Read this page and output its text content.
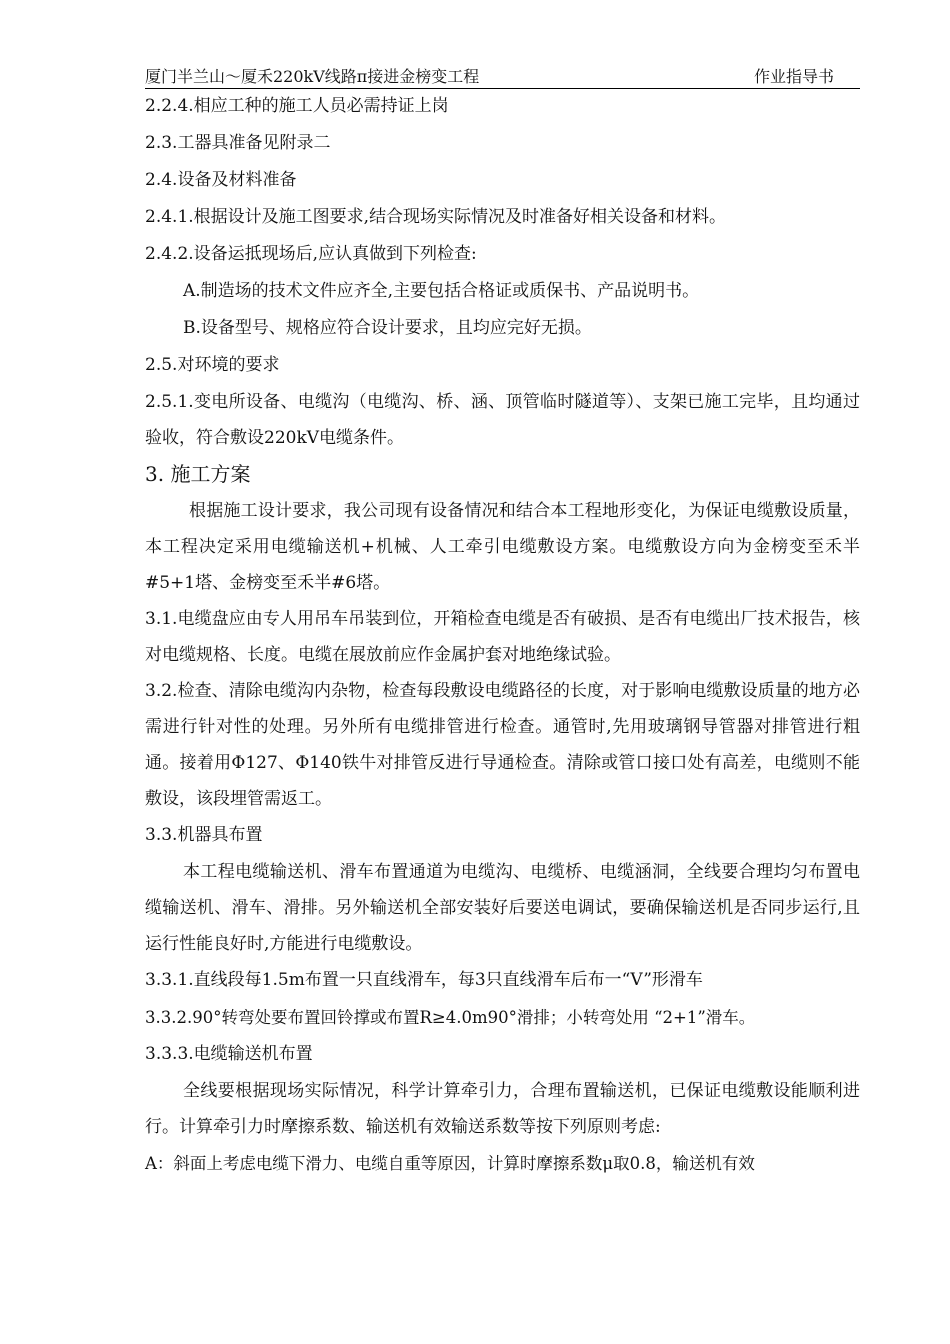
厦门半兰山～厦禾220kV线路π接进金榜变工程	作业指导书

2.2.4.相应工种的施工人员必需持证上岗

2.3.工器具准备见附录二

2.4.设备及材料准备

2.4.1.根据设计及施工图要求,结合现场实际情况及时准备好相关设备和材料。

2.4.2.设备运抵现场后,应认真做到下列检查:

A.制造场的技术文件应齐全,主要包括合格证或质保书、产品说明书。

B.设备型号、规格应符合设计要求，且均应完好无损。

2.5.对环境的要求

2.5.1.变电所设备、电缆沟（电缆沟、桥、涵、顶管临时隧道等）、支架已施工完毕，且均通过验收，符合敷设220kV电缆条件。

3. 施工方案

根据施工设计要求，我公司现有设备情况和结合本工程地形变化，为保证电缆敷设质量，本工程决定采用电缆输送机+机械、人工牵引电缆敷设方案。电缆敷设方向为金榜变至禾半#5+1塔、金榜变至禾半#6塔。

3.1.电缆盘应由专人用吊车吊装到位，开箱检查电缆是否有破损、是否有电缆出厂技术报告，核对电缆规格、长度。电缆在展放前应作金属护套对地绝缘试验。

3.2.检查、清除电缆沟内杂物，检查每段敷设电缆路径的长度，对于影响电缆敷设质量的地方必需进行针对性的处理。另外所有电缆排管进行检查。通管时,先用玻璃钢导管器对排管进行粗通。接着用Φ127、Φ140铁牛对排管反进行导通检查。清除或管口接口处有高差，电缆则不能敷设，该段埋管需返工。

3.3.机器具布置

本工程电缆输送机、滑车布置通道为电缆沟、电缆桥、电缆涵洞，全线要合理均匀布置电缆输送机、滑车、滑排。另外输送机全部安装好后要送电调试，要确保输送机是否同步运行,且运行性能良好时,方能进行电缆敷设。

3.3.1.直线段每1.5m布置一只直线滑车，每3只直线滑车后布一“V”形滑车

3.3.2.90°转弯处要布置回铃撑或布置R≥4.0m90°滑排；小转弯处用 “2+1”滑车。

3.3.3.电缆输送机布置

全线要根据现场实际情况，科学计算牵引力，合理布置输送机，已保证电缆敷设能顺利进行。计算牵引力时摩擦系数、输送机有效输送系数等按下列原则考虑:

A：斜面上考虑电缆下滑力、电缆自重等原因，计算时摩擦系数μ取0.8，输送机有效
